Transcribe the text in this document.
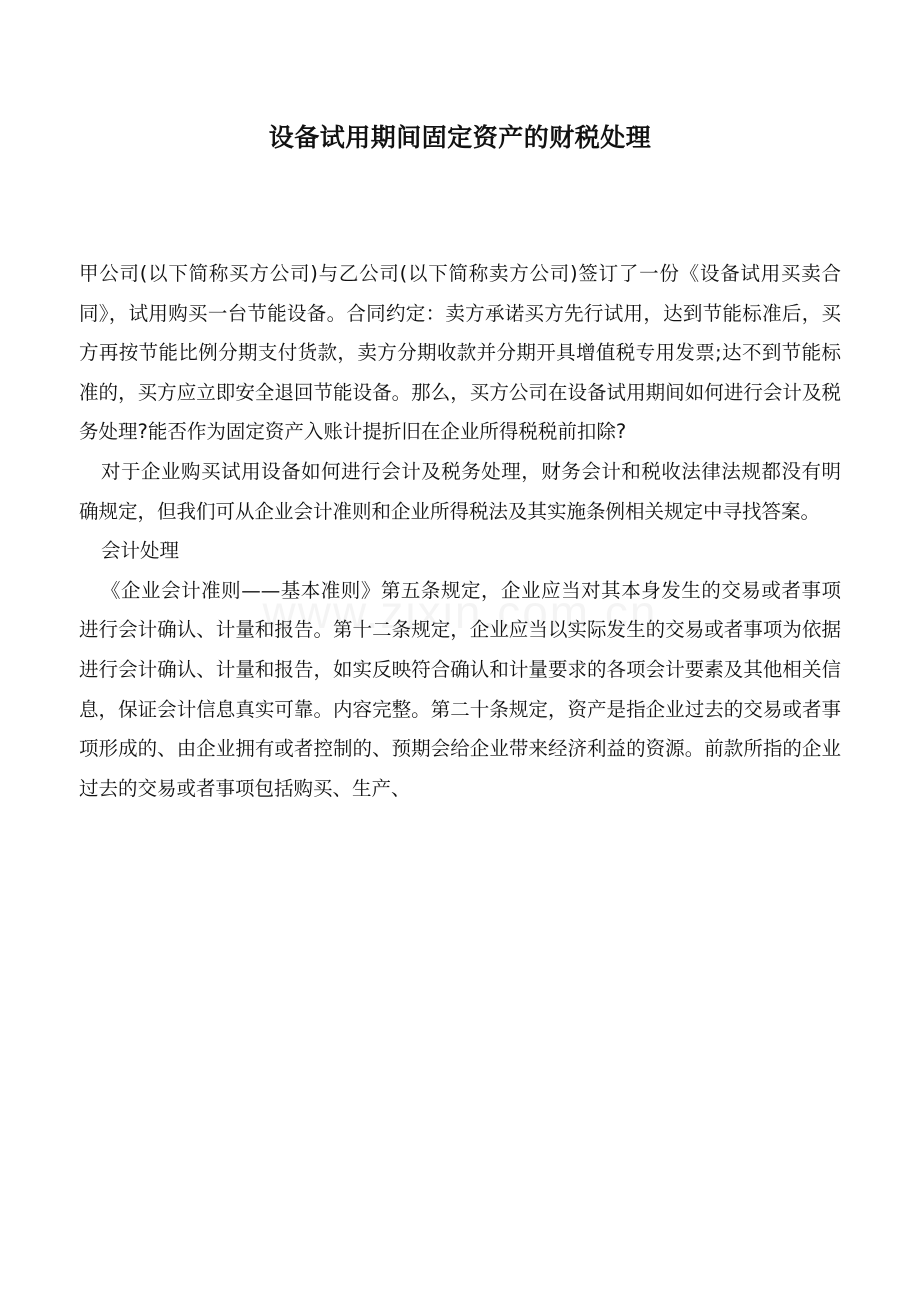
设备试用期间固定资产的财税处理

甲公司(以下简称买方公司)与乙公司(以下简称卖方公司)签订了一份《设备试用买卖合同》，试用购买一台节能设备。合同约定：卖方承诺买方先行试用，达到节能标准后，买方再按节能比例分期支付货款，卖方分期收款并分期开具增值税专用发票;达不到节能标准的，买方应立即安全退回节能设备。那么，买方公司在设备试用期间如何进行会计及税务处理?能否作为固定资产入账计提折旧在企业所得税税前扣除?

对于企业购买试用设备如何进行会计及税务处理，财务会计和税收法律法规都没有明确规定，但我们可从企业会计准则和企业所得税法及其实施条例相关规定中寻找答案。

会计处理

《企业会计准则——基本准则》第五条规定，企业应当对其本身发生的交易或者事项进行会计确认、计量和报告。第十二条规定，企业应当以实际发生的交易或者事项为依据进行会计确认、计量和报告，如实反映符合确认和计量要求的各项会计要素及其他相关信息，保证会计信息真实可靠。内容完整。第二十条规定，资产是指企业过去的交易或者事项形成的、由企业拥有或者控制的、预期会给企业带来经济利益的资源。前款所指的企业过去的交易或者事项包括购买、生产、
